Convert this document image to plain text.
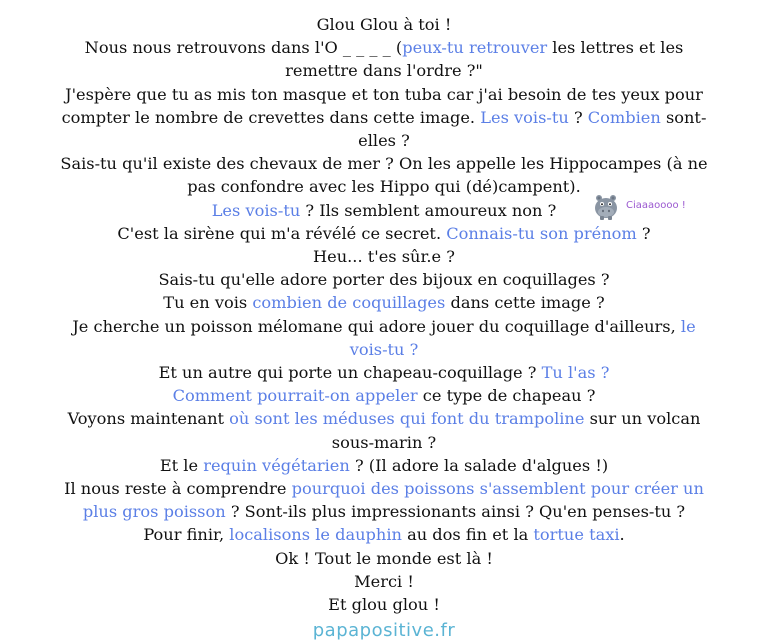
Glou Glou à toi !
Nous nous retrouvons dans l'O _ _ _ _ (peux-tu retrouver les lettres et les
remettre dans l'ordre ?"
J'espère que tu as mis ton masque et ton tuba car j'ai besoin de tes yeux pour
compter le nombre de crevettes dans cette image. Les vois-tu ? Combien sont-
elles ?
Sais-tu qu'il existe des chevaux de mer ? On les appelle les Hippocampes (à ne
pas confondre avec les Hippo qui (dé)campent).
Les vois-tu ? Ils semblent amoureux non ?
C'est la sirène qui m'a révélé ce secret. Connais-tu son prénom ?
Heu... t'es sûr.e ?
Sais-tu qu'elle adore porter des bijoux en coquillages ?
Tu en vois combien de coquillages dans cette image ?
Je cherche un poisson mélomane qui adore jouer du coquillage d'ailleurs, le
vois-tu ?
Et un autre qui porte un chapeau-coquillage ? Tu l'as ?
Comment pourrait-on appeler ce type de chapeau ?
Voyons maintenant où sont les méduses qui font du trampoline sur un volcan
sous-marin ?
Et le requin végétarien ? (Il adore la salade d'algues !)
Il nous reste à comprendre pourquoi des poissons s'assemblent pour créer un
plus gros poisson ? Sont-ils plus impressionants ainsi ? Qu'en penses-tu ?
Pour finir, localisons le dauphin au dos fin et la tortue taxi.
Ok ! Tout le monde est là !
Merci !
Et glou glou !
Ciaaaoooo !
papapositive.fr
